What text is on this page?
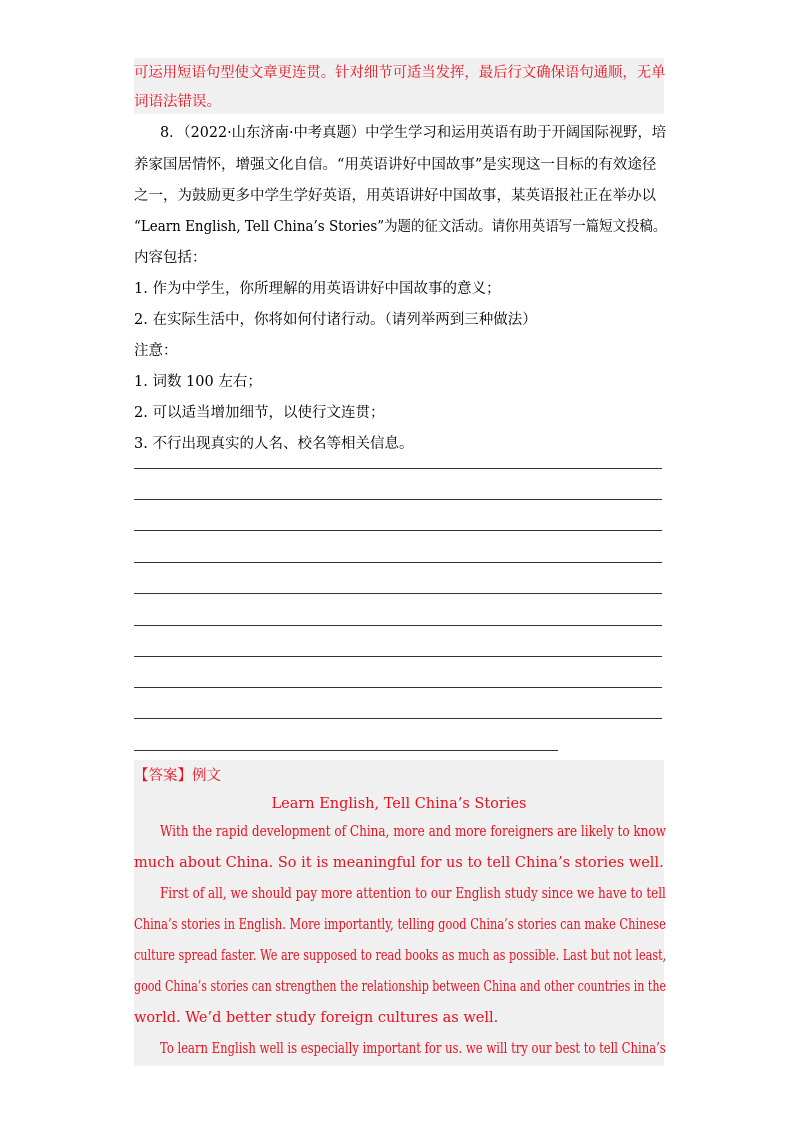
可运用短语句型使文章更连贯。针对细节可适当发挥，最后行文确保语句通顺，无单
词语法错误。
8．（2022·山东济南·中考真题）中学生学习和运用英语有助于开阔国际视野，培
养家国居情怀，增强文化自信。“用英语讲好中国故事”是实现这一目标的有效途径
之一，为鼓励更多中学生学好英语，用英语讲好中国故事，某英语报社正在举办以
“Learn English, Tell China’s Stories”为题的征文活动。请你用英语写一篇短文投稿。
内容包括：
1. 作为中学生，你所理解的用英语讲好中国故事的意义；
2. 在实际生活中，你将如何付诸行动。（请列举两到三种做法）
注意：
1. 词数 100 左右；
2. 可以适当增加细节，以使行文连贯；
3. 不行出现真实的人名、校名等相关信息。
【答案】例文
Learn English, Tell China’s Stories
With the rapid development of China, more and more foreigners are likely to know
much about China. So it is meaningful for us to tell China’s stories well.
First of all, we should pay more attention to our English study since we have to tell
China’s stories in English. More importantly, telling good China’s stories can make Chinese
culture spread faster. We are supposed to read books as much as possible. Last but not least,
good China’s stories can strengthen the relationship between China and other countries in the
world. We’d better study foreign cultures as well.
To learn English well is especially important for us. we will try our best to tell China’s
